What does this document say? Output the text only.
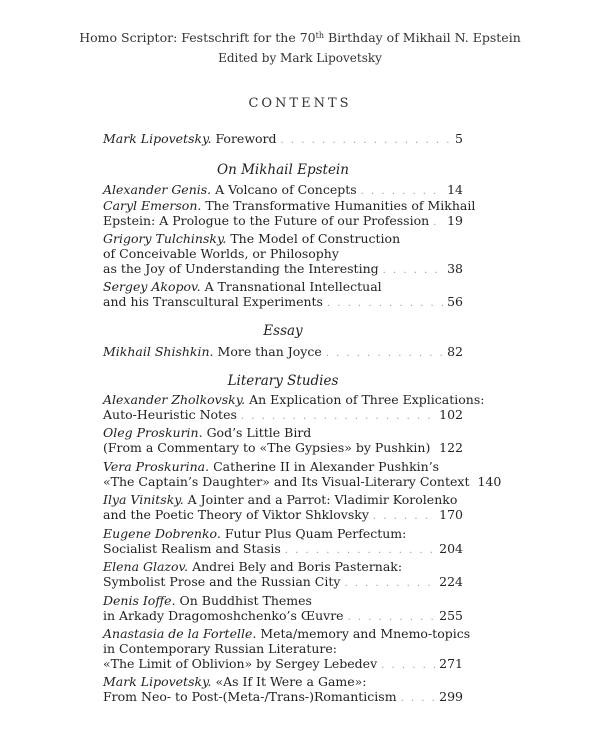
Homo Scriptor: Festschrift for the 70th Birthday of Mikhail N. Epstein
Edited by Mark Lipovetsky
CONTENTS
Mark Lipovetsky. Foreword . . .	5
On Mikhail Epstein
Alexander Genis. A Volcano of Concepts . . .	14
Caryl Emerson. The Transformative Humanities of Mikhail
Epstein: A Prologue to the Future of our Profession . . . 19
Grigory Tulchinsky. The Model of Construction
of Conceivable Worlds, or Philosophy
as the Joy of Understanding the Interesting . . .	38
Sergey Akopov. A Transnational Intellectual
and his Transcultural Experiments . . .	56
Essay
Mikhail Shishkin. More than Joyce . . .	82
Literary Studies
Alexander Zholkovsky. An Explication of Three Explications:
Auto-Heuristic Notes . . .	102
Oleg Proskurin. God’s Little Bird
(From a Commentary to «The Gypsies» by Pushkin) . . . 122
Vera Proskurina. Catherine II in Alexander Pushkin’s
«The Captain’s Daughter» and Its Visual-Literary Context 140
Ilya Vinitsky. A Jointer and a Parrot: Vladimir Korolenko
and the Poetic Theory of Viktor Shklovsky . . .	170
Eugene Dobrenko. Futur Plus Quam Perfectum:
Socialist Realism and Stasis . . .	204
Elena Glazov. Andrei Bely and Boris Pasternak:
Symbolist Prose and the Russian City . . .	224
Denis Ioffe. On Buddhist Themes
in Arkady Dragomoshchenko’s Œuvre . . .	255
Anastasia de la Fortelle. Meta/memory and Mnemo-topics
in Contemporary Russian Literature:
«The Limit of Oblivion» by Sergey Lebedev . . .	271
Mark Lipovetsky. «As If It Were a Game»:
From Neo- to Post-(Meta-/Trans-)Romanticism . . .	299
